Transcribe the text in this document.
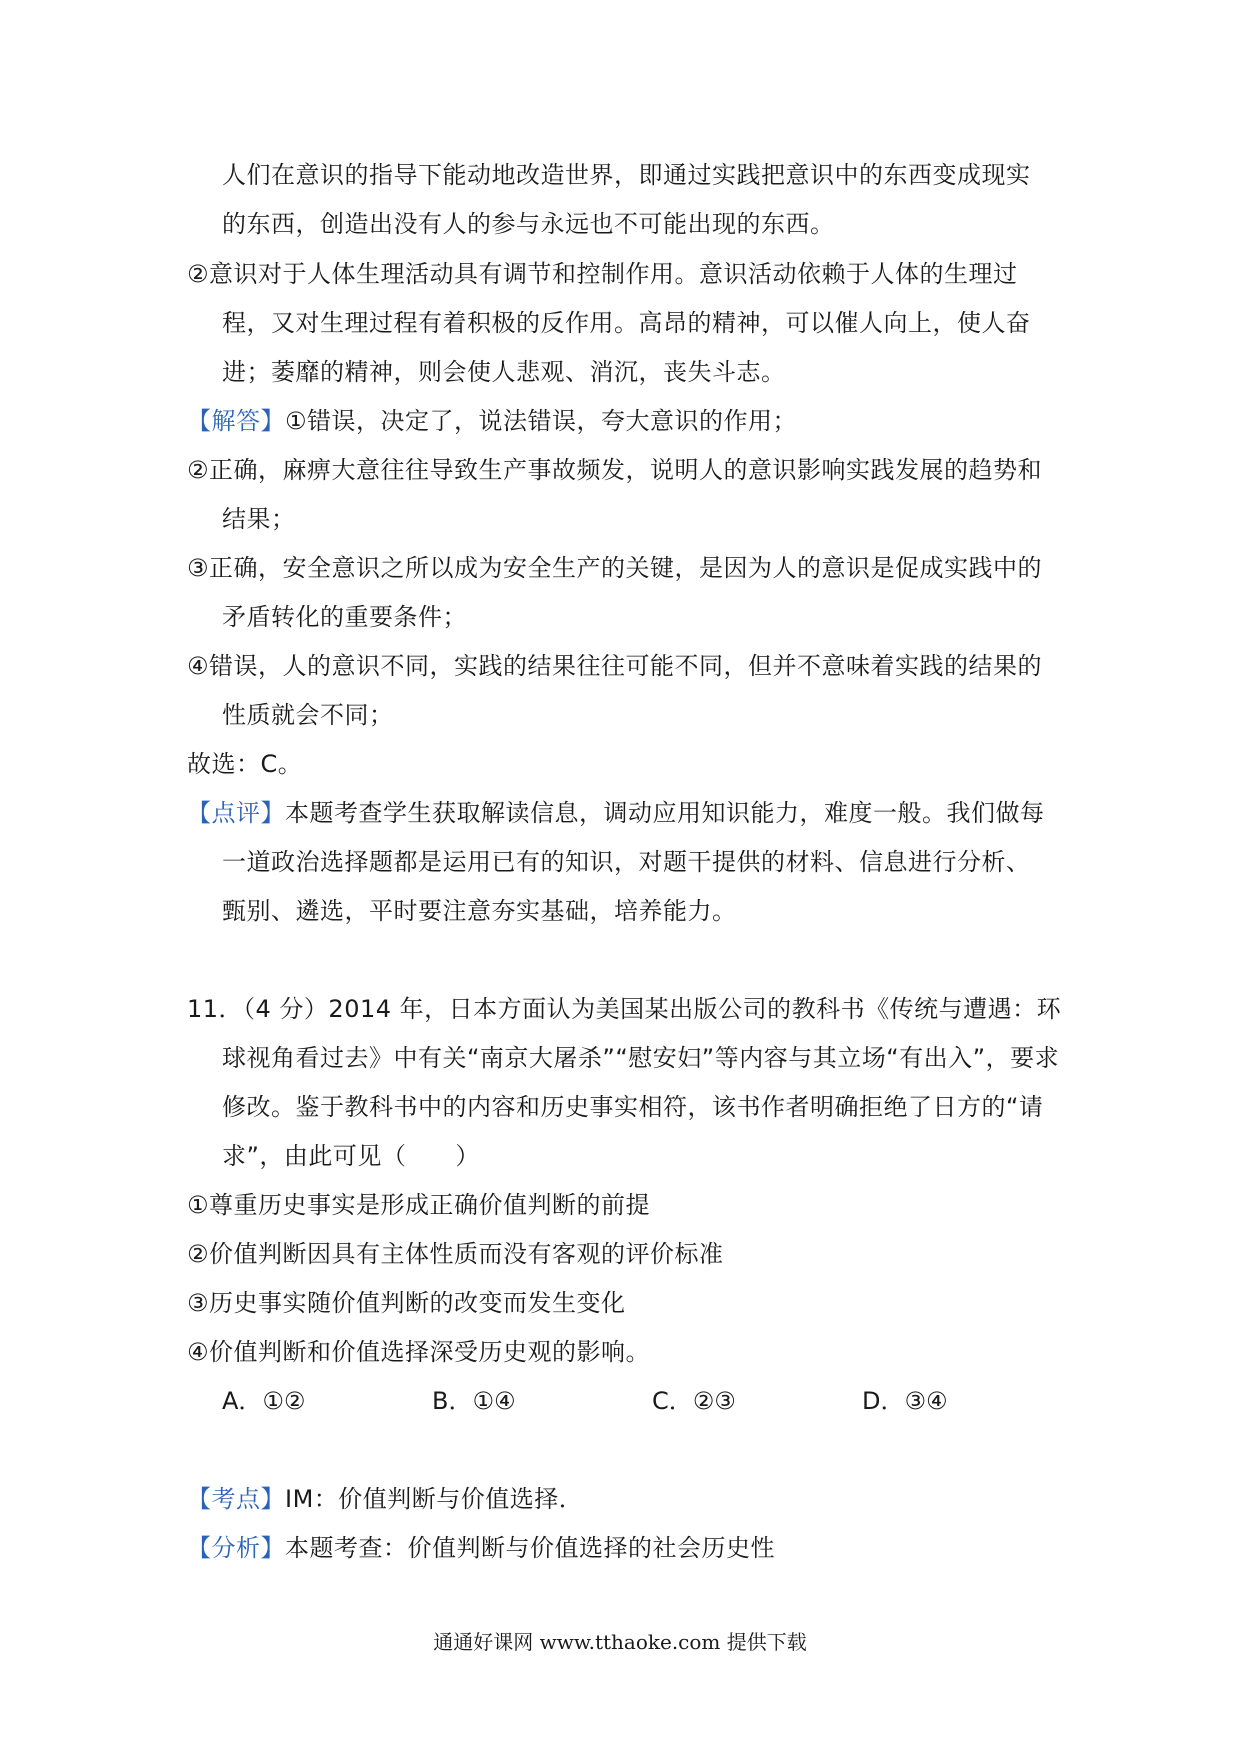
人们在意识的指导下能动地改造世界，即通过实践把意识中的东西变成现实
的东西，创造出没有人的参与永远也不可能出现的东西。
②意识对于人体生理活动具有调节和控制作用。意识活动依赖于人体的生理过
程，又对生理过程有着积极的反作用。高昂的精神，可以催人向上，使人奋
进；萎靡的精神，则会使人悲观、消沉，丧失斗志。
【解答】①错误，决定了，说法错误，夸大意识的作用；
②正确，麻痹大意往往导致生产事故频发，说明人的意识影响实践发展的趋势和
结果；
③正确，安全意识之所以成为安全生产的关键，是因为人的意识是促成实践中的
矛盾转化的重要条件；
④错误，人的意识不同，实践的结果往往可能不同，但并不意味着实践的结果的
性质就会不同；
故选：C。
【点评】本题考查学生获取解读信息，调动应用知识能力，难度一般。我们做每
一道政治选择题都是运用已有的知识，对题干提供的材料、信息进行分析、
甄别、遴选，平时要注意夯实基础，培养能力。
11．（4 分）2014 年，日本方面认为美国某出版公司的教科书《传统与遭遇：环
球视角看过去》中有关“南京大屠杀”“慰安妇”等内容与其立场“有出入”，要求
修改。鉴于教科书中的内容和历史事实相符，该书作者明确拒绝了日方的“请
求”，由此可见（　　）
①尊重历史事实是形成正确价值判断的前提
②价值判断因具有主体性质而没有客观的评价标准
③历史事实随价值判断的改变而发生变化
④价值判断和价值选择深受历史观的影响。
A．①②	B．①④	C．②③	D．③④
【考点】IM：价值判断与价值选择．
【分析】本题考查：价值判断与价值选择的社会历史性
通通好课网 www.tthaoke.com 提供下载
